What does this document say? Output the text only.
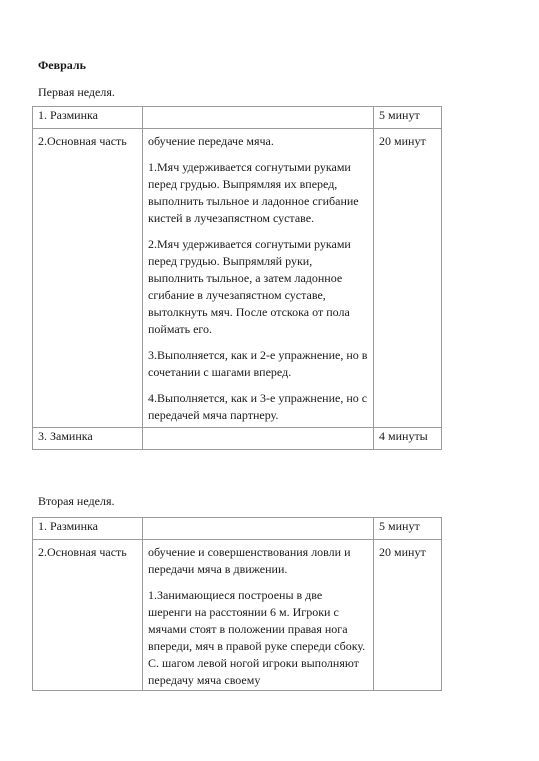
Февраль
Первая неделя.
1. Разминка		5 минут
2.Основная часть	обучение передаче мяча.

1.Мяч удерживается согнутыми руками перед грудью. Выпрямляя их вперед, выполнить тыльное и ладонное сгибание кистей в лучезапястном суставе.

2.Мяч удерживается согнутыми руками перед грудью. Выпрямляй руки, выполнить тыльное, а затем ладонное сгибание в лучезапястном суставе, вытолкнуть мяч. После отскока от пола поймать его.

3.Выполняется, как и 2-е упражнение, но в сочетании с шагами вперед.

4.Выполняется, как и 3-е упражнение, но с передачей мяча партнеру.	20 минут
3. Заминка		4 минуты
Вторая неделя.
1. Разминка		5 минут
2.Основная часть	обучение и совершенствования ловли и передачи мяча в движении.

1.Занимающиеся построены в две шеренги на расстоянии 6 м. Игроки с мячами стоят в положении правая нога впереди, мяч в правой руке спереди сбоку. С. шагом левой ногой игроки выполняют передачу мяча своему	20 минут
